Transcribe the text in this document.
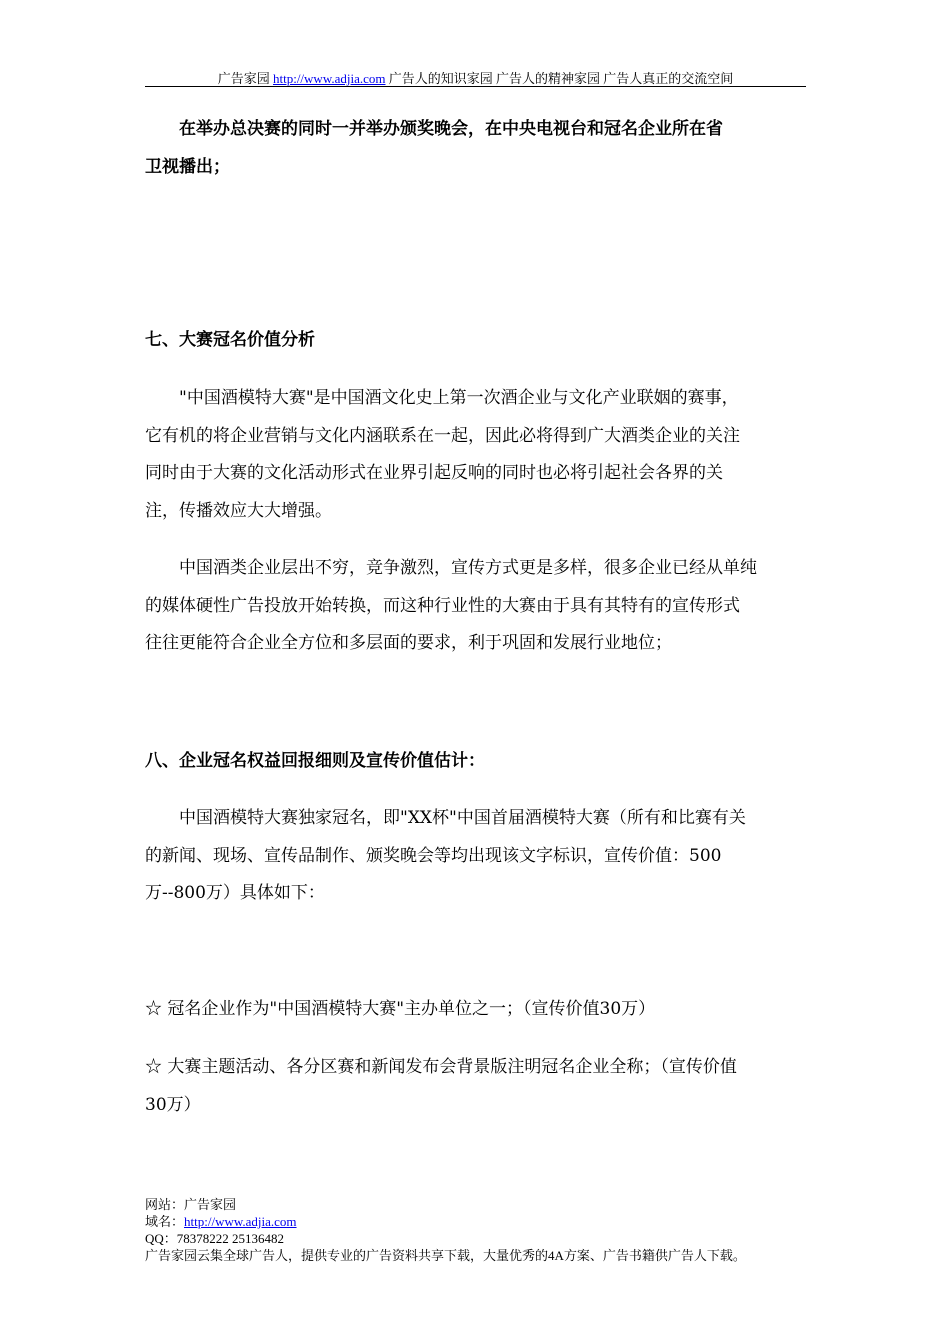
广告家园 http://www.adjia.com 广告人的知识家园 广告人的精神家园 广告人真正的交流空间
　　在举办总决赛的同时一并举办颁奖晚会，在中央电视台和冠名企业所在省
卫视播出；
七、大赛冠名价值分析
　　"中国酒模特大赛"是中国酒文化史上第一次酒企业与文化产业联姻的赛事，
它有机的将企业营销与文化内涵联系在一起，因此必将得到广大酒类企业的关注
同时由于大赛的文化活动形式在业界引起反响的同时也必将引起社会各界的关
注，传播效应大大增强。
　　中国酒类企业层出不穷，竞争激烈，宣传方式更是多样，很多企业已经从单纯
的媒体硬性广告投放开始转换，而这种行业性的大赛由于具有其特有的宣传形式
往往更能符合企业全方位和多层面的要求，利于巩固和发展行业地位；
八、企业冠名权益回报细则及宣传价值估计：
　　中国酒模特大赛独家冠名，即"XX杯"中国首届酒模特大赛（所有和比赛有关
的新闻、现场、宣传品制作、颁奖晚会等均出现该文字标识，宣传价值：500
万--800万）具体如下：
☆ 冠名企业作为"中国酒模特大赛"主办单位之一；（宣传价值30万）
☆ 大赛主题活动、各分区赛和新闻发布会背景版注明冠名企业全称；（宣传价值
30万）
网站：广告家园
域名：http://www.adjia.com
QQ：78378222 25136482
广告家园云集全球广告人，提供专业的广告资料共享下载，大量优秀的4A方案、广告书籍供广告人下载。
